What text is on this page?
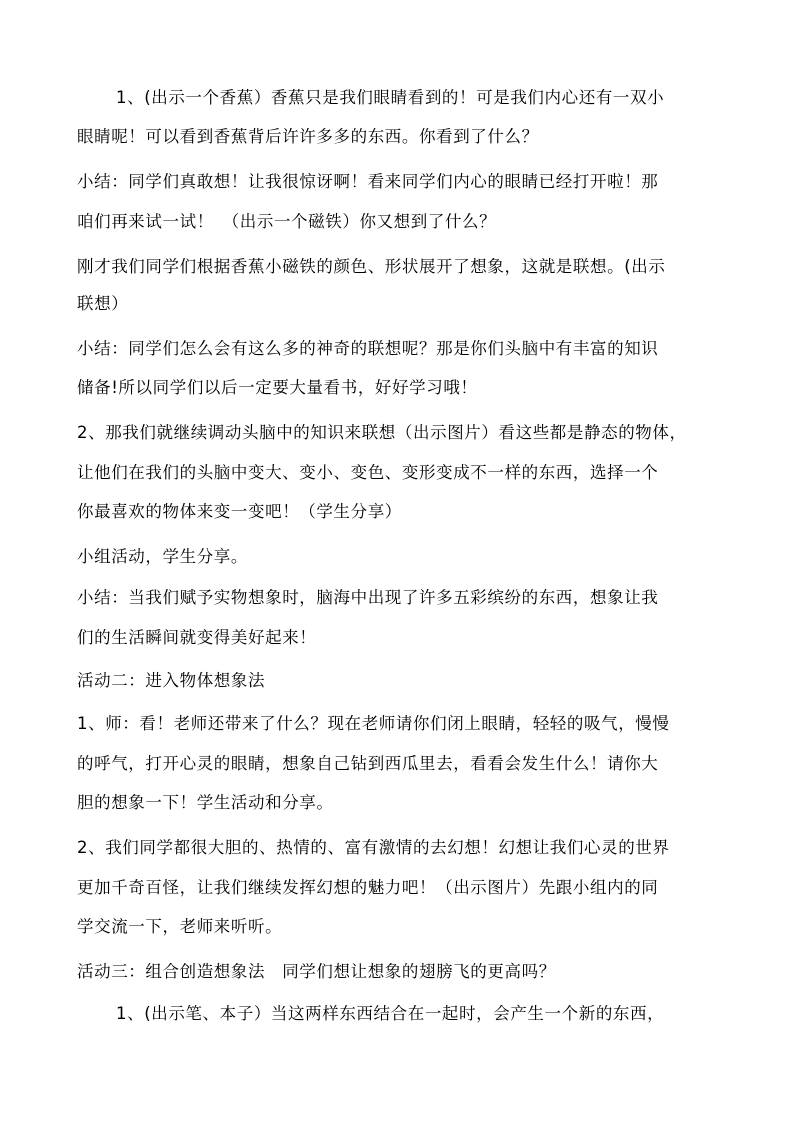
1、(出示一个香蕉）香蕉只是我们眼睛看到的！可是我们内心还有一双小
眼睛呢！可以看到香蕉背后许许多多的东西。你看到了什么？
小结：同学们真敢想！让我很惊讶啊！看来同学们内心的眼睛已经打开啦！那
咱们再来试一试！　（出示一个磁铁）你又想到了什么？
刚才我们同学们根据香蕉小磁铁的颜色、形状展开了想象，这就是联想。(出示
联想）
小结：同学们怎么会有这么多的神奇的联想呢？那是你们头脑中有丰富的知识
储备!所以同学们以后一定要大量看书，好好学习哦！
2、那我们就继续调动头脑中的知识来联想（出示图片）看这些都是静态的物体，
让他们在我们的头脑中变大、变小、变色、变形变成不一样的东西，选择一个
你最喜欢的物体来变一变吧！（学生分享）
小组活动，学生分享。
小结：当我们赋予实物想象时，脑海中出现了许多五彩缤纷的东西，想象让我
们的生活瞬间就变得美好起来！
活动二：进入物体想象法
1、师：看！老师还带来了什么？现在老师请你们闭上眼睛，轻轻的吸气，慢慢
的呼气，打开心灵的眼睛，想象自己钻到西瓜里去，看看会发生什么！请你大
胆的想象一下！学生活动和分享。
2、我们同学都很大胆的、热情的、富有激情的去幻想！幻想让我们心灵的世界
更加千奇百怪，让我们继续发挥幻想的魅力吧！（出示图片）先跟小组内的同
学交流一下，老师来听听。
活动三：组合创造想象法　同学们想让想象的翅膀飞的更高吗？
1、(出示笔、本子）当这两样东西结合在一起时，会产生一个新的东西，
